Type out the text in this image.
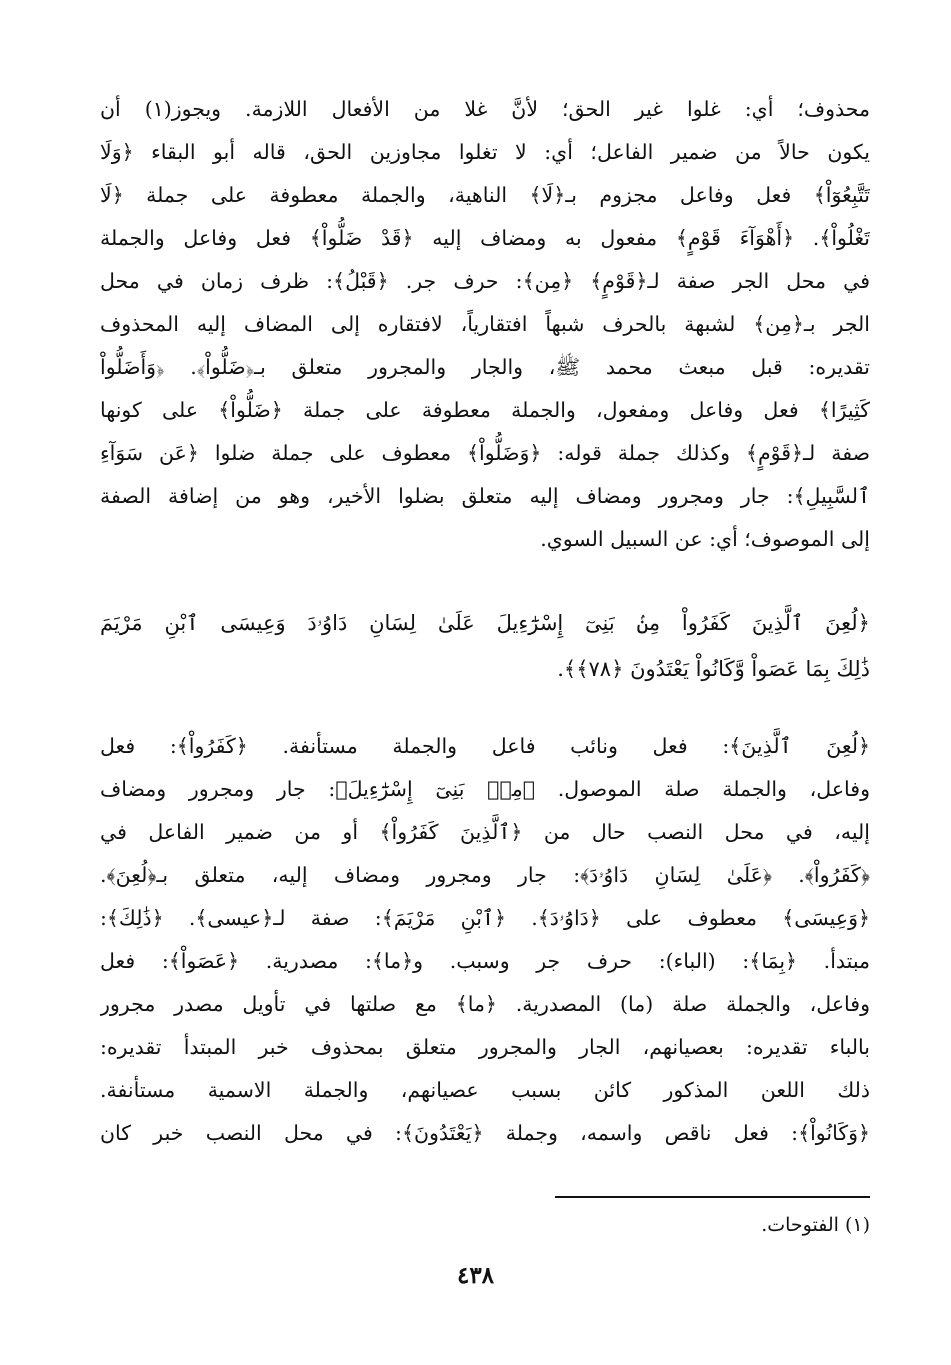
محذوف؛ أي: غلوا غير الحق؛ لأنَّ غلا من الأفعال اللازمة. ويجوز(١) أن
يكون حالاً من ضمير الفاعل؛ أي: لا تغلوا مجاوزين الحق، قاله أبو البقاء ﴿وَلَا
تَتَّبِعُوٓاْ﴾ فعل وفاعل مجزوم بـ﴿لَا﴾ الناهية، والجملة معطوفة على جملة ﴿لَا
تَغْلُواْ﴾. ﴿أَهْوَآءَ قَوْمٍ﴾ مفعول به ومضاف إليه ﴿قَدْ ضَلُّواْ﴾ فعل وفاعل والجملة
في محل الجر صفة لـ﴿قَوْمٍ﴾ ﴿مِن﴾: حرف جر. ﴿قَبْلُ﴾: ظرف زمان في محل
الجر بـ﴿مِن﴾ لشبهة بالحرف شبهاً افتقارياً، لافتقاره إلى المضاف إليه المحذوف
تقديره: قبل مبعث محمد ﷺ، والجار والمجرور متعلق بـ﴿ضَلُّواْ﴾. ﴿وَأَضَلُّواْ
كَثِيرًا﴾ فعل وفاعل ومفعول، والجملة معطوفة على جملة ﴿ضَلُّواْ﴾ على كونها
صفة لـ﴿قَوْمٍ﴾ وكذلك جملة قوله: ﴿وَضَلُّواْ﴾ معطوف على جملة ضلوا ﴿عَن سَوَآءِ
ٱلسَّبِيلِ﴾: جار ومجرور ومضاف إليه متعلق بضلوا الأخير، وهو من إضافة الصفة
إلى الموصوف؛ أي: عن السبيل السوي.
﴿لُعِنَ ٱلَّذِينَ كَفَرُواْ مِنۢ بَنِىٓ إِسْرَٰٓءِيلَ عَلَىٰ لِسَانِ دَاوُۥدَ وَعِيسَى ٱبْنِ مَرْيَمَ
ذَٰلِكَ بِمَا عَصَواْ وَّكَانُواْ يَعْتَدُونَ ﴿٧٨﴾﴾.
﴿لُعِنَ ٱلَّذِينَ﴾: فعل ونائب فاعل والجملة مستأنفة. ﴿كَفَرُواْ﴾: فعل
وفاعل، والجملة صلة الموصول. ﴿مِنۢ بَنِىٓ إِسْرَٰٓءِيلَ﴾: جار ومجرور ومضاف
إليه، في محل النصب حال من ﴿ٱلَّذِينَ كَفَرُواْ﴾ أو من ضمير الفاعل في
﴿كَفَرُواْ﴾. ﴿عَلَىٰ لِسَانِ دَاوُۥدَ﴾: جار ومجرور ومضاف إليه، متعلق بـ﴿لُعِنَ﴾.
﴿وَعِيسَى﴾ معطوف على ﴿دَاوُۥدَ﴾. ﴿ٱبْنِ مَرْيَمَ﴾: صفة لـ﴿عيسى﴾. ﴿ذَٰلِكَ﴾:
مبتدأ. ﴿بِمَا﴾: (الباء): حرف جر وسبب. و﴿ما﴾: مصدرية. ﴿عَصَواْ﴾: فعل
وفاعل، والجملة صلة (ما) المصدرية. ﴿ما﴾ مع صلتها في تأويل مصدر مجرور
بالباء تقديره: بعصيانهم، الجار والمجرور متعلق بمحذوف خبر المبتدأ تقديره:
ذلك اللعن المذكور كائن بسبب عصيانهم، والجملة الاسمية مستأنفة.
﴿وَكَانُواْ﴾: فعل ناقص واسمه، وجملة ﴿يَعْتَدُونَ﴾: في محل النصب خبر كان
(١) الفتوحات.
٤٣٨
